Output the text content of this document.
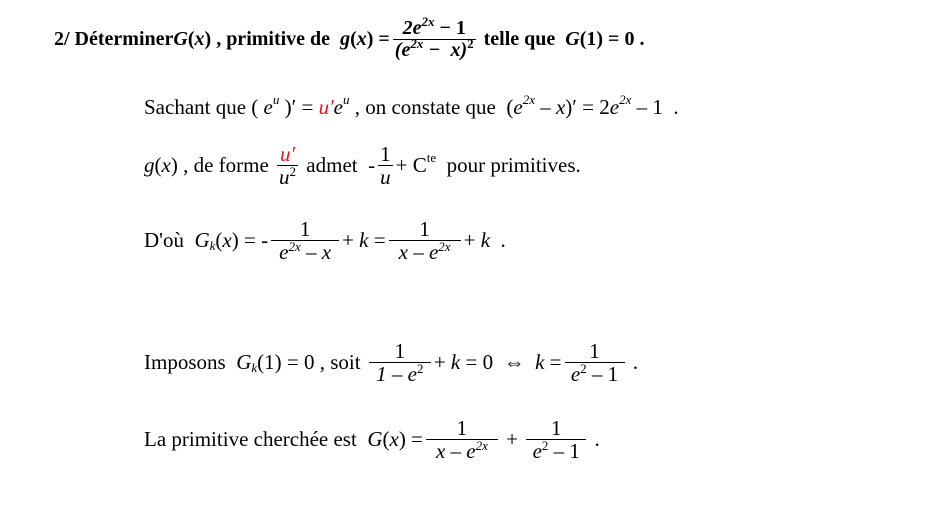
2/ Déterminer G ( x ) , primitive de g ( x ) = $\frac{2e^{2x} - 1}{(e^{2x} - x)^2}$ telle que G (1) = 0 .
Sachant que ( $e^u$ )′ = u′ $e^u$ , on constate que  ( $e^{2x}$ – x )′ = 2 $e^{2x} - 1$  .
g ( x ) , de forme $\frac{u'}{u^2}$ admet  - $\frac{1}{u} + C^{te}$ pour primitives.
D'où $G_k$ ( x ) = - $\frac{1}{e^{2x} - x} + k = \frac{1}{x - e^{2x}} + k$ .
Imposons $G_k$ (1) = 0 , soit $\frac{1}{1 - e^2} + k = 0$  ⇔ $k = \frac{1}{e^2 - 1}$ .
La primitive cherchée est G ( x ) = $\frac{1}{x - e^{2x}} + \frac{1}{e^2 - 1}$ .
